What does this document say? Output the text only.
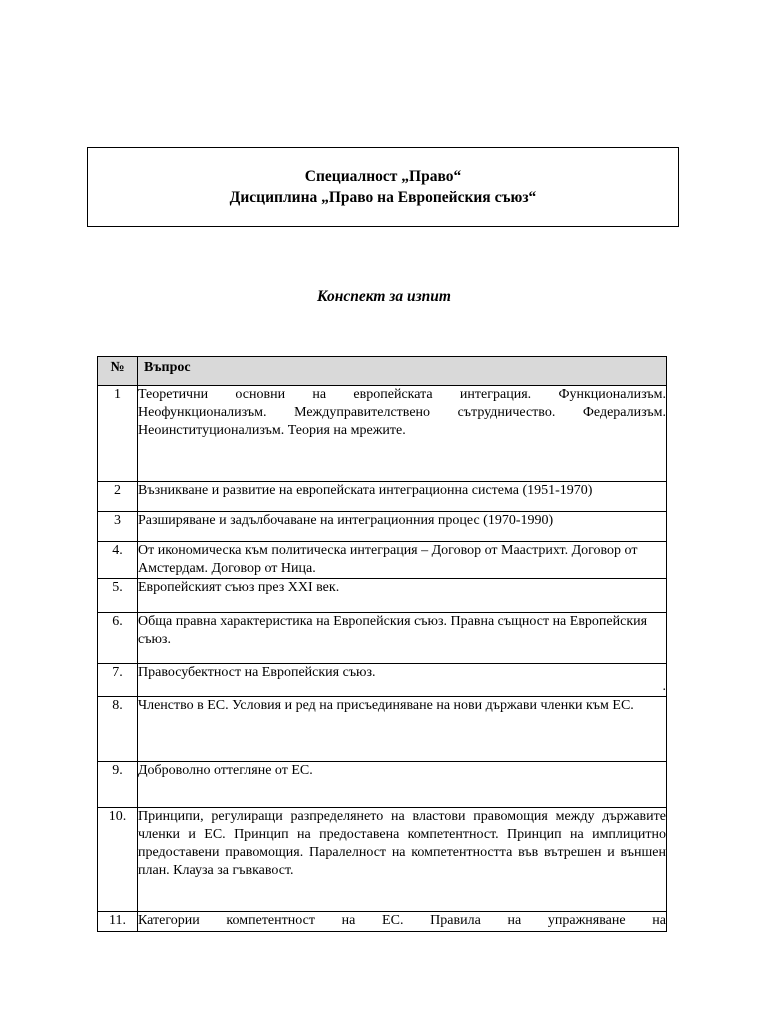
Специалност „Право“
Дисциплина „Право на Европейския съюз“
Конспект за изпит
№	Въпрос

1	Теоретични основни на европейската интеграция. Функционализъм. Неофункционализъм. Междуправителствено сътрудничество. Федерализъм. Неоинституционализъм. Теория на мрежите.
2	Възникване и развитие на европейската интеграционна система (1951-1970)
3	Разширяване и задълбочаване на интеграционния процес (1970-1990)
4.	От икономическа към политическа интеграция – Договор от Маастрихт. Договор от Амстердам. Договор от Ница.
5.	Европейският съюз през XXI век.
6.	Обща правна характеристика на Европейския съюз. Правна същност на Европейския съюз.
7.	Правосубектност на Европейския съюз.
.

8.	Членство в ЕС. Условия и ред на присъединяване на нови държави членки към ЕС.
9.	Доброволно оттегляне от ЕС.
10.	Принципи, регулиращи разпределянето на властови правомощия между държавите членки и ЕС. Принцип на предоставена компетентност. Принцип на имплицитно предоставени правомощия. Паралелност на компетентността във вътрешен и външен план. Клауза за гъвкавост.
11.	Категории компетентност на ЕС. Правила на упражняване на
